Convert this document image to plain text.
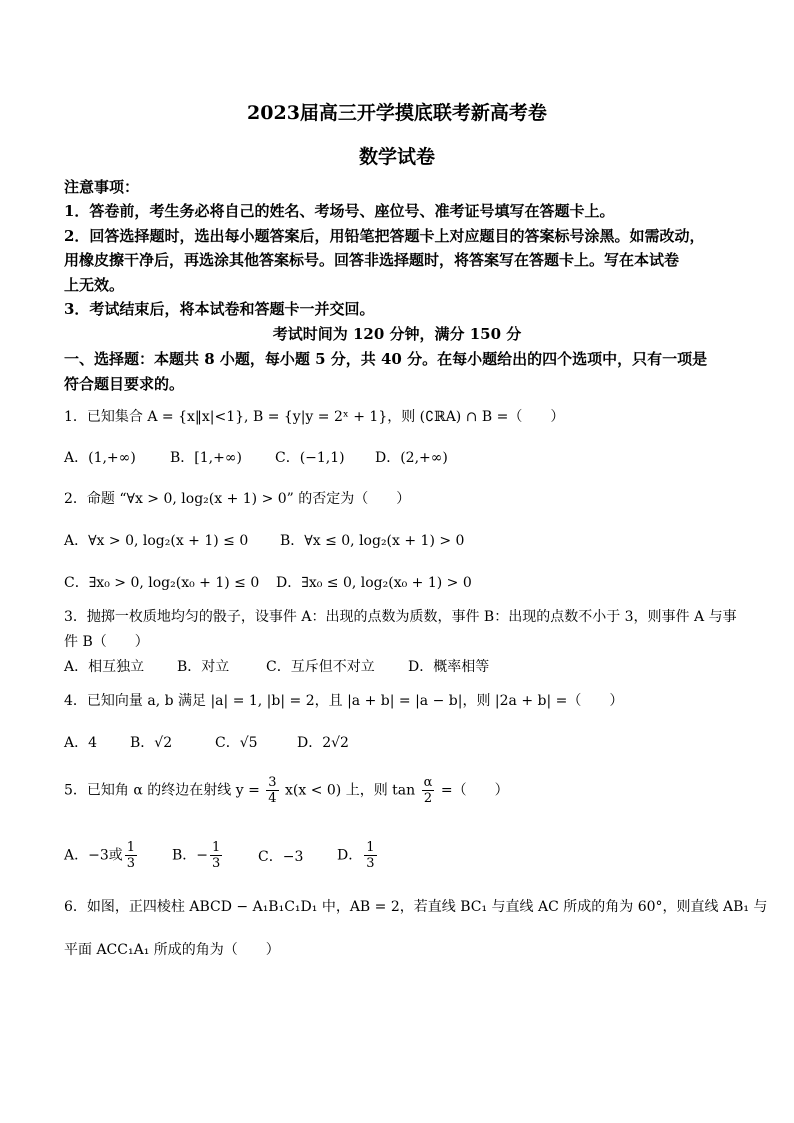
2023届高三开学摸底联考新高考卷
数学试卷
注意事项：
1．答卷前，考生务必将自己的姓名、考场号、座位号、准考证号填写在答题卡上。
2．回答选择题时，选出每小题答案后，用铅笔把答题卡上对应题目的答案标号涂黑。如需改动，
用橡皮擦干净后，再选涂其他答案标号。回答非选择题时，将答案写在答题卡上。写在本试卷
上无效。
3．考试结束后，将本试卷和答题卡一并交回。
考试时间为 120 分钟，满分 150 分
一、选择题：本题共 8 小题，每小题 5 分，共 40 分。在每小题给出的四个选项中，只有一项是
符合题目要求的。
1．已知集合 A = {x‖x|<1}, B = {y|y = 2ˣ + 1}，则 (∁ℝA) ∩ B =（　　）
A．(1,+∞) B．[1,+∞) C．(−1,1) D．(2,+∞)
2．命题 “∀x > 0, log₂(x + 1) > 0” 的否定为（　　）
A．∀x > 0, log₂(x + 1) ≤ 0 B．∀x ≤ 0, log₂(x + 1) > 0
C．∃x₀ > 0, log₂(x₀ + 1) ≤ 0 D．∃x₀ ≤ 0, log₂(x₀ + 1) > 0
3．抛掷一枚质地均匀的骰子，设事件 A：出现的点数为质数，事件 B：出现的点数不小于 3，则事件 A 与事
件 B（　　）
A．相互独立 B．对立	C．互斥但不对立 D．概率相等
4．已知向量 a, b 满足 |a| = 1, |b| = 2，且 |a + b| = |a − b|，则 |2a + b| =（　　）
A．4 B．√2	C．√5	D．2√2
5．已知角 α 的终边在射线 $y = \frac{3}{4} x(x < 0)$ 上，则 $\tan \frac{\alpha}{2}$ =（　　）
A．−3或 $\frac{1}{3}$ B．− $\frac{1}{3}$	C．−3 D． $\frac{1}{3}$
6．如图，正四棱柱 ABCD − A₁B₁C₁D₁ 中，AB = 2，若直线 BC₁ 与直线 AC 所成的角为 60°，则直线 AB₁ 与
平面 ACC₁A₁ 所成的角为（　　）
